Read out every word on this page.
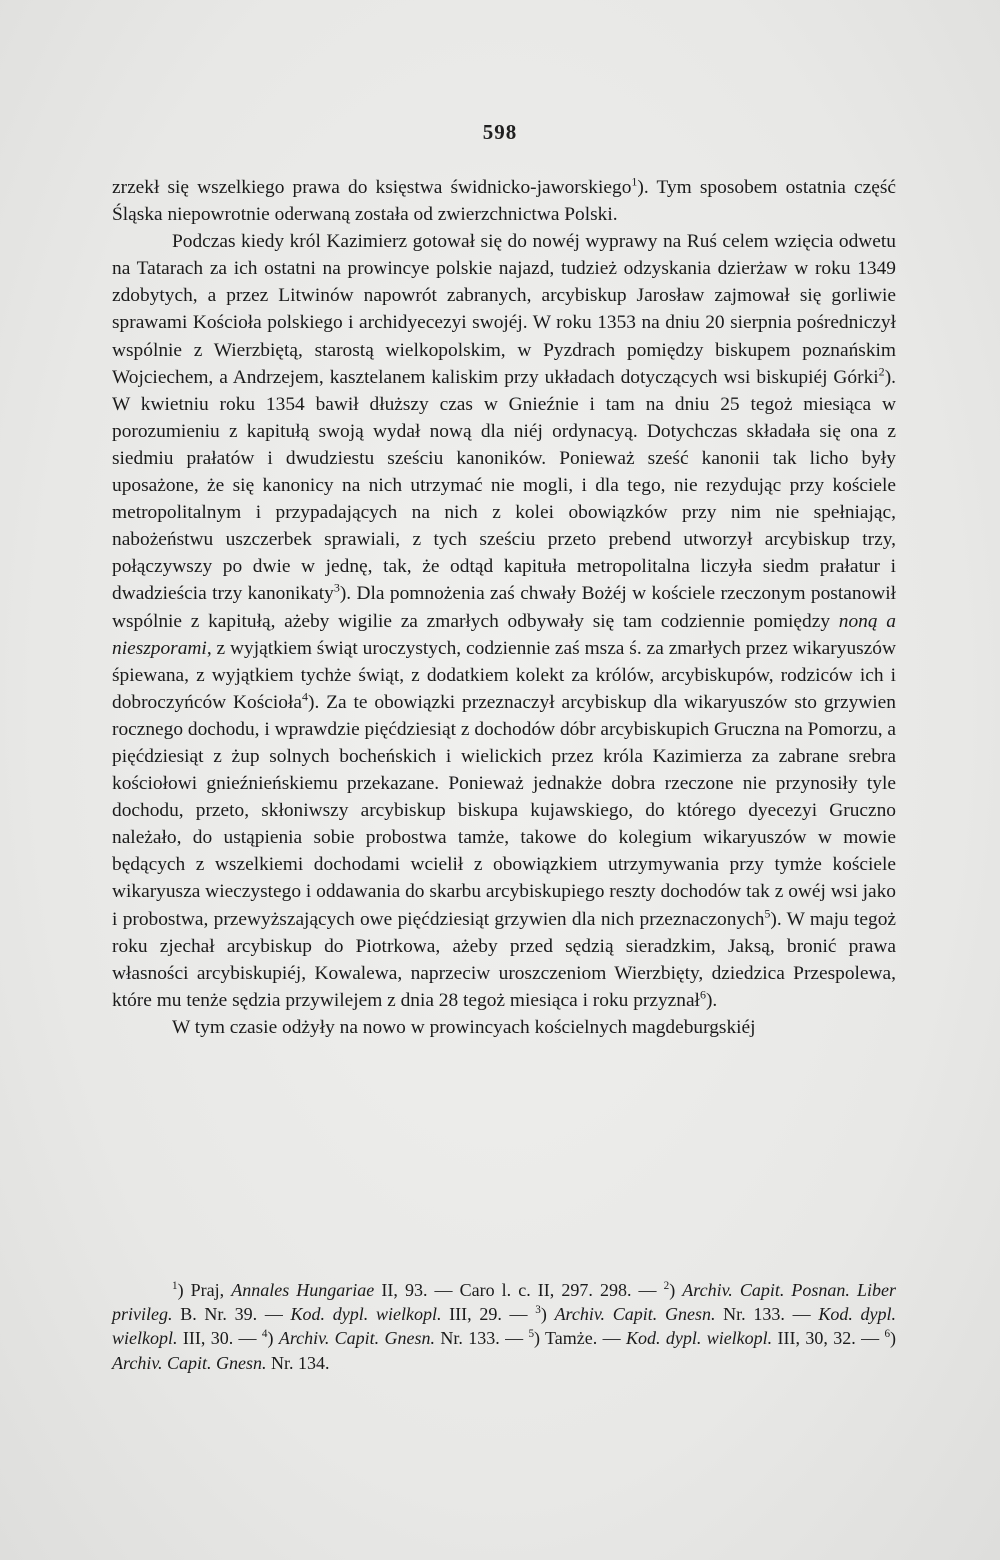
598

zrzekł się wszelkiego prawa do księstwa świdnicko-jaworskiego$^1$). Tym sposobem ostatnia część Śląska niepowrotnie oderwaną została od zwierzchnictwa Polski.

Podczas kiedy król Kazimierz gotował się do nowéj wyprawy na Ruś celem wzięcia odwetu na Tatarach za ich ostatni na prowincye polskie najazd, tudzież odzyskania dzierżaw w roku 1349 zdobytych, a przez Litwinów napowrót zabranych, arcybiskup Jarosław zajmował się gorliwie sprawami Kościoła polskiego i archidyecezyi swojéj. W roku 1353 na dniu 20 sierpnia pośredniczył wspólnie z Wierzbiętą, starostą wielkopolskim, w Pyzdrach pomiędzy biskupem poznańskim Wojciechem, a Andrzejem, kasztelanem kaliskim przy układach dotyczących wsi biskupiéj Górki$^2$). W kwietniu roku 1354 bawił dłuższy czas w Gnieźnie i tam na dniu 25 tegoż miesiąca w porozumieniu z kapitułą swoją wydał nową dla niéj ordynacyą. Dotychczas składała się ona z siedmiu prałatów i dwudziestu sześciu kanoników. Ponieważ sześć kanonii tak licho były uposażone, że się kanonicy na nich utrzymać nie mogli, i dla tego, nie rezydując przy kościele metropolitalnym i przypadających na nich z kolei obowiązków przy nim nie spełniając, nabożeństwu uszczerbek sprawiali, z tych sześciu przeto prebend utworzył arcybiskup trzy, połączywszy po dwie w jednę, tak, że odtąd kapituła metropolitalna liczyła siedm prałatur i dwadzieścia trzy kanonikaty$^3$). Dla pomnożenia zaś chwały Bożéj w kościele rzeczonym postanowił wspólnie z kapitułą, ażeby wigilie za zmarłych odbywały się tam codziennie pomiędzy noną a nieszporami, z wyjątkiem świąt uroczystych, codziennie zaś msza ś. za zmarłych przez wikaryuszów śpiewana, z wyjątkiem tychże świąt, z dodatkiem kolekt za królów, arcybiskupów, rodziców ich i dobroczyńców Kościoła$^4$). Za te obowiązki przeznaczył arcybiskup dla wikaryuszów sto grzywien rocznego dochodu, i wprawdzie pięćdziesiąt z dochodów dóbr arcybiskupich Gruczna na Pomorzu, a pięćdziesiąt z żup solnych bocheńskich i wielickich przez króla Kazimierza za zabrane srebra kościołowi gnieźnieńskiemu przekazane. Ponieważ jednakże dobra rzeczone nie przynosiły tyle dochodu, przeto, skłoniwszy arcybiskup biskupa kujawskiego, do którego dyecezyi Gruczno należało, do ustąpienia sobie probostwa tamże, takowe do kolegium wikaryuszów w mowie będących z wszelkiemi dochodami wcielił z obowiązkiem utrzymywania przy tymże kościele wikaryusza wieczystego i oddawania do skarbu arcybiskupiego reszty dochodów tak z owéj wsi jako i probostwa, przewyższających owe pięćdziesiąt grzywien dla nich przeznaczonych$^5$). W maju tegoż roku zjechał arcybiskup do Piotrkowa, ażeby przed sędzią sieradzkim, Jaksą, bronić prawa własności arcybiskupiéj, Kowalewa, naprzeciw uroszczeniom Wierzbięty, dziedzica Przespolewa, które mu tenże sędzia przywilejem z dnia 28 tegoż miesiąca i roku przyznał$^6$).

W tym czasie odżyły na nowo w prowincyach kościelnych magdeburgskiéj

$^1$) Praj, Annales Hungariae II, 93. — Caro l. c. II, 297. 298. — $^2$) Archiv. Capit. Posnan. Liber privileg. B. Nr. 39. — Kod. dypl. wielkopl. III, 29. — $^3$) Archiv. Capit. Gnesn. Nr. 133. — Kod. dypl. wielkopl. III, 30. — $^4$) Archiv. Capit. Gnesn. Nr. 133. — $^5$) Tamże. — Kod. dypl. wielkopl. III, 30, 32. — $^6$) Archiv. Capit. Gnesn. Nr. 134.
